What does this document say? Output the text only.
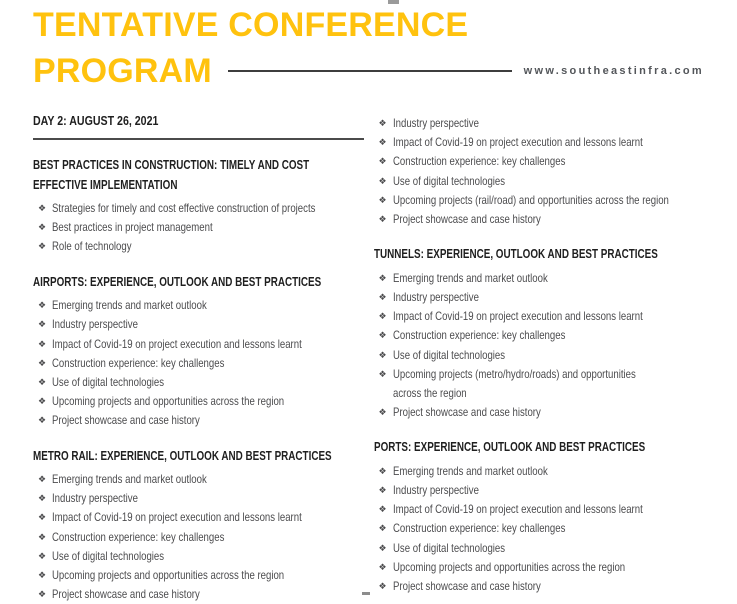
TENTATIVE CONFERENCE
PROGRAM	www.southeastinfra.com
DAY 2: AUGUST 26, 2021
BEST PRACTICES IN CONSTRUCTION: TIMELY AND COST
EFFECTIVE IMPLEMENTATION
❖ Strategies for timely and cost effective construction of projects
❖ Best practices in project management
❖ Role of technology
AIRPORTS: EXPERIENCE, OUTLOOK AND BEST PRACTICES
❖ Emerging trends and market outlook
❖ Industry perspective
❖ Impact of Covid-19 on project execution and lessons learnt
❖ Construction experience: key challenges
❖ Use of digital technologies
❖ Upcoming projects and opportunities across the region
❖ Project showcase and case history
METRO RAIL: EXPERIENCE, OUTLOOK AND BEST PRACTICES
❖ Emerging trends and market outlook
❖ Industry perspective
❖ Impact of Covid-19 on project execution and lessons learnt
❖ Construction experience: key challenges
❖ Use of digital technologies
❖ Upcoming projects and opportunities across the region
❖ Project showcase and case history
❖ Industry perspective
❖ Impact of Covid-19 on project execution and lessons learnt
❖ Construction experience: key challenges
❖ Use of digital technologies
❖ Upcoming projects (rail/road) and opportunities across the region
❖ Project showcase and case history
TUNNELS: EXPERIENCE, OUTLOOK AND BEST PRACTICES
❖ Emerging trends and market outlook
❖ Industry perspective
❖ Impact of Covid-19 on project execution and lessons learnt
❖ Construction experience: key challenges
❖ Use of digital technologies
❖ Upcoming projects (metro/hydro/roads) and opportunities
across the region
❖ Project showcase and case history
PORTS: EXPERIENCE, OUTLOOK AND BEST PRACTICES
❖ Emerging trends and market outlook
❖ Industry perspective
❖ Impact of Covid-19 on project execution and lessons learnt
❖ Construction experience: key challenges
❖ Use of digital technologies
❖ Upcoming projects and opportunities across the region
❖ Project showcase and case history
